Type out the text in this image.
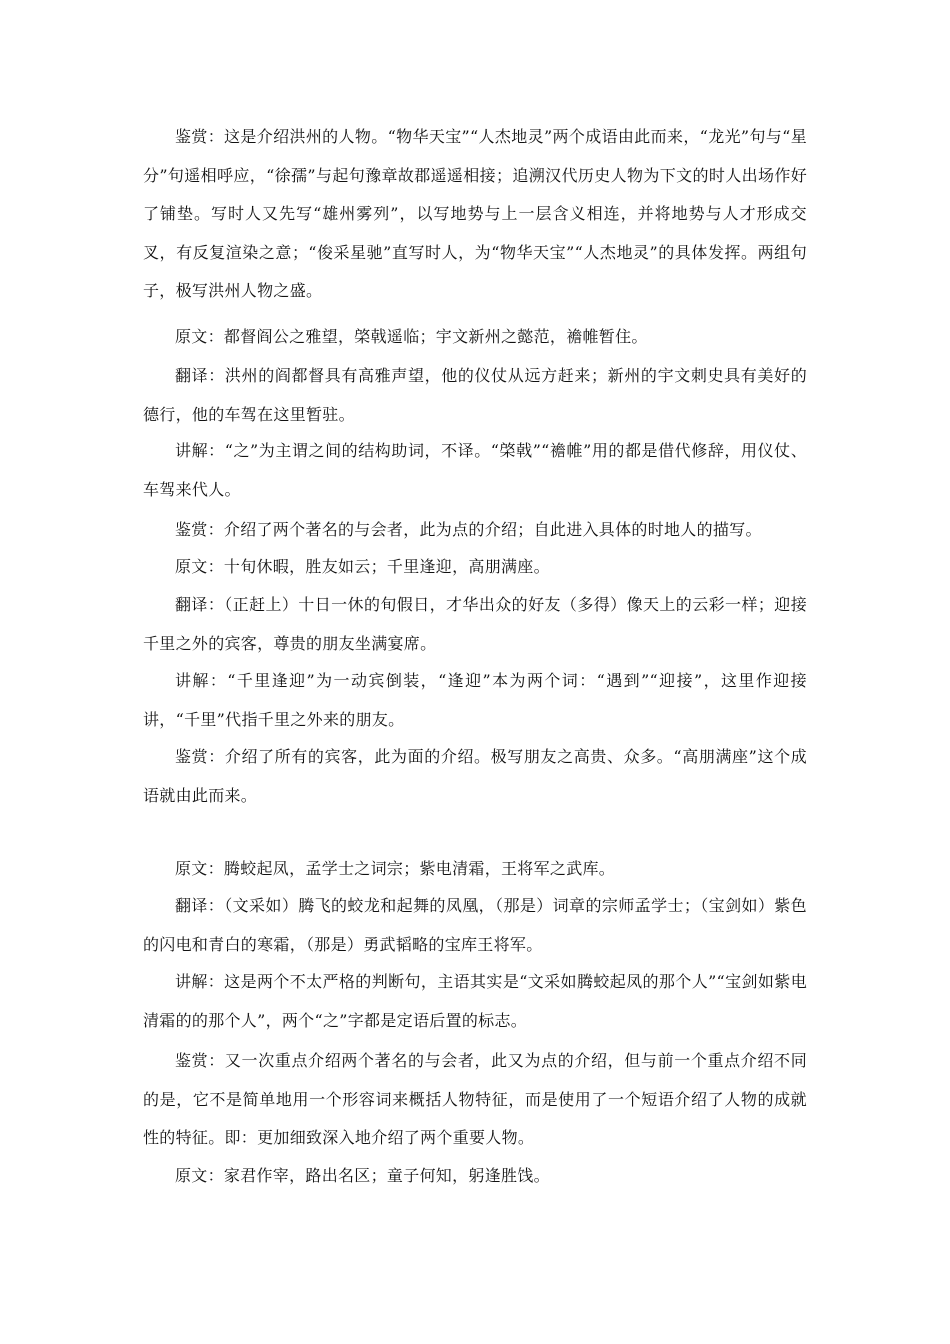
鉴赏：这是介绍洪州的人物。“物华天宝”“人杰地灵”两个成语由此而来，“龙光”句与“星分”句遥相呼应，“徐孺”与起句豫章故郡遥遥相接；追溯汉代历史人物为下文的时人出场作好了铺垫。写时人又先写“雄州雾列”，以写地势与上一层含义相连，并将地势与人才形成交叉，有反复渲染之意；“俊采星驰”直写时人，为“物华天宝”“人杰地灵”的具体发挥。两组句子，极写洪州人物之盛。

原文：都督阎公之雅望，棨戟遥临；宇文新州之懿范，襜帷暂住。

翻译：洪州的阎都督具有高雅声望，他的仪仗从远方赶来；新州的宇文刺史具有美好的德行，他的车驾在这里暂驻。

讲解：“之”为主谓之间的结构助词，不译。“棨戟”“襜帷”用的都是借代修辞，用仪仗、车驾来代人。

鉴赏：介绍了两个著名的与会者，此为点的介绍；自此进入具体的时地人的描写。

原文：十旬休暇，胜友如云；千里逢迎，高朋满座。

翻译：（正赶上）十日一休的旬假日，才华出众的好友（多得）像天上的云彩一样；迎接千里之外的宾客，尊贵的朋友坐满宴席。

讲解：“千里逢迎”为一动宾倒装，“逢迎”本为两个词：“遇到”“迎接”，这里作迎接讲，“千里”代指千里之外来的朋友。

鉴赏：介绍了所有的宾客，此为面的介绍。极写朋友之高贵、众多。“高朋满座”这个成语就由此而来。

原文：腾蛟起凤，孟学士之词宗；紫电清霜，王将军之武库。

翻译：（文采如）腾飞的蛟龙和起舞的凤凰，（那是）词章的宗师孟学士；（宝剑如）紫色的闪电和青白的寒霜，（那是）勇武韬略的宝库王将军。

讲解：这是两个不太严格的判断句，主语其实是“文采如腾蛟起凤的那个人”“宝剑如紫电清霜的的那个人”，两个“之”字都是定语后置的标志。

鉴赏：又一次重点介绍两个著名的与会者，此又为点的介绍，但与前一个重点介绍不同的是，它不是简单地用一个形容词来概括人物特征，而是使用了一个短语介绍了人物的成就性的特征。即：更加细致深入地介绍了两个重要人物。

原文：家君作宰，路出名区；童子何知，躬逢胜饯。
